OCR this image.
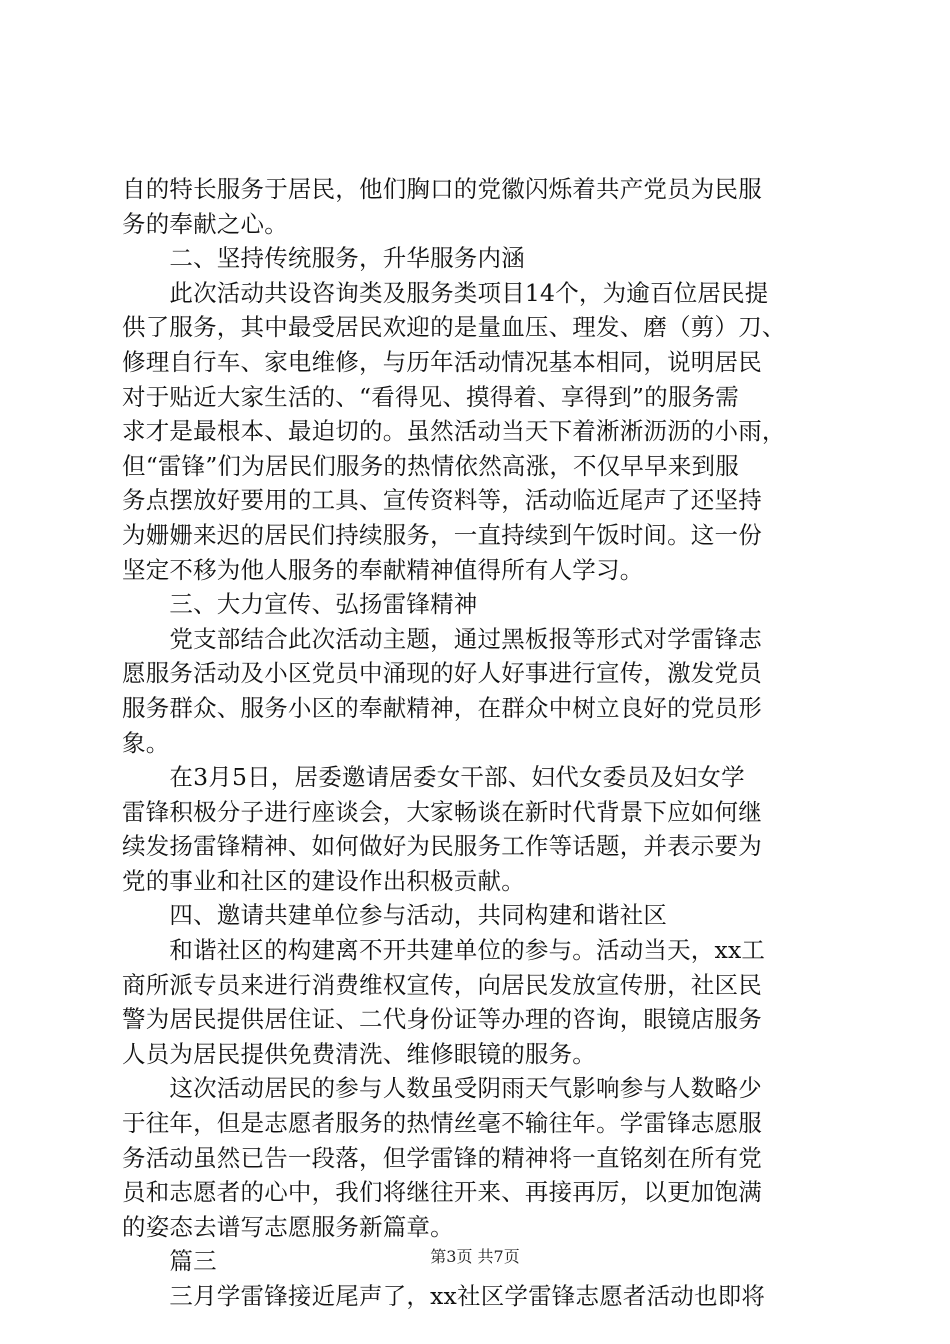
自的特长服务于居民，他们胸口的党徽闪烁着共产党员为民服
务的奉献之心。
　　二、坚持传统服务，升华服务内涵
　　此次活动共设咨询类及服务类项目14个，为逾百位居民提
供了服务，其中最受居民欢迎的是量血压、理发、磨（剪）刀、
修理自行车、家电维修，与历年活动情况基本相同，说明居民
对于贴近大家生活的、“看得见、摸得着、享得到”的服务需
求才是最根本、最迫切的。虽然活动当天下着淅淅沥沥的小雨，
但“雷锋”们为居民们服务的热情依然高涨，不仅早早来到服
务点摆放好要用的工具、宣传资料等，活动临近尾声了还坚持
为姗姗来迟的居民们持续服务，一直持续到午饭时间。这一份
坚定不移为他人服务的奉献精神值得所有人学习。
　　三、大力宣传、弘扬雷锋精神
　　党支部结合此次活动主题，通过黑板报等形式对学雷锋志
愿服务活动及小区党员中涌现的好人好事进行宣传，激发党员
服务群众、服务小区的奉献精神，在群众中树立良好的党员形
象。
　　在3月5日，居委邀请居委女干部、妇代女委员及妇女学
雷锋积极分子进行座谈会，大家畅谈在新时代背景下应如何继
续发扬雷锋精神、如何做好为民服务工作等话题，并表示要为
党的事业和社区的建设作出积极贡献。
　　四、邀请共建单位参与活动，共同构建和谐社区
　　和谐社区的构建离不开共建单位的参与。活动当天，xx工
商所派专员来进行消费维权宣传，向居民发放宣传册，社区民
警为居民提供居住证、二代身份证等办理的咨询，眼镜店服务
人员为居民提供免费清洗、维修眼镜的服务。
　　这次活动居民的参与人数虽受阴雨天气影响参与人数略少
于往年，但是志愿者服务的热情丝毫不输往年。学雷锋志愿服
务活动虽然已告一段落，但学雷锋的精神将一直铭刻在所有党
员和志愿者的心中，我们将继往开来、再接再厉，以更加饱满
的姿态去谱写志愿服务新篇章。
　　篇三
　　三月学雷锋接近尾声了，xx社区学雷锋志愿者活动也即将
第3页 共7页
